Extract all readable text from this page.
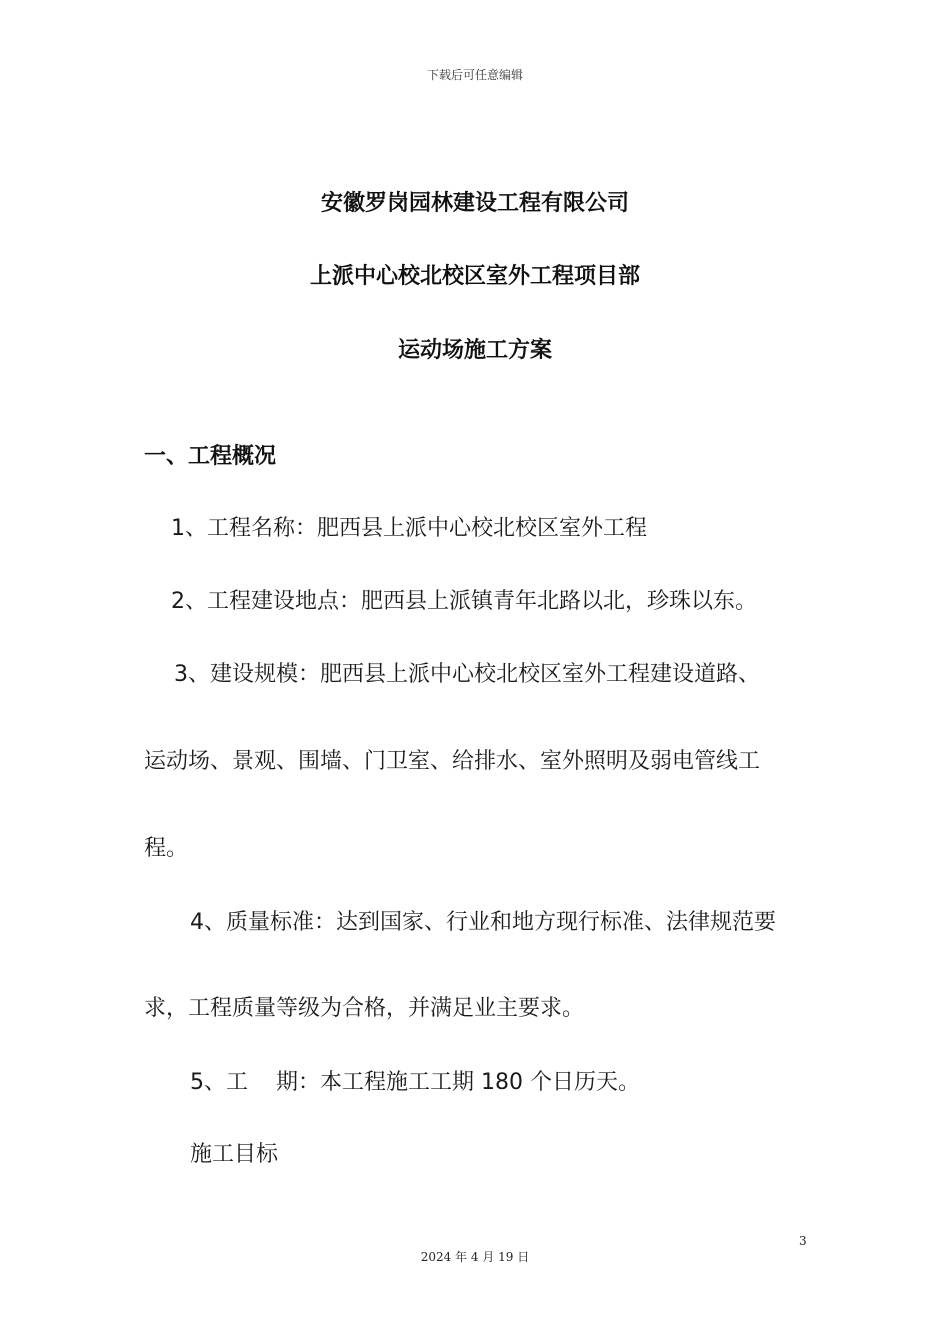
下载后可任意编辑
安徽罗岗园林建设工程有限公司
上派中心校北校区室外工程项目部
运动场施工方案
一、工程概况
1、工程名称：肥西县上派中心校北校区室外工程
2、工程建设地点：肥西县上派镇青年北路以北，珍珠以东。
3、建设规模：肥西县上派中心校北校区室外工程建设道路、
运动场、景观、围墙、门卫室、给排水、室外照明及弱电管线工
程。
4、质量标准：达到国家、行业和地方现行标准、法律规范要
求，工程质量等级为合格，并满足业主要求。
5、工    期：本工程施工工期 180 个日历天。
施工目标
3
2024 年 4 月 19 日
